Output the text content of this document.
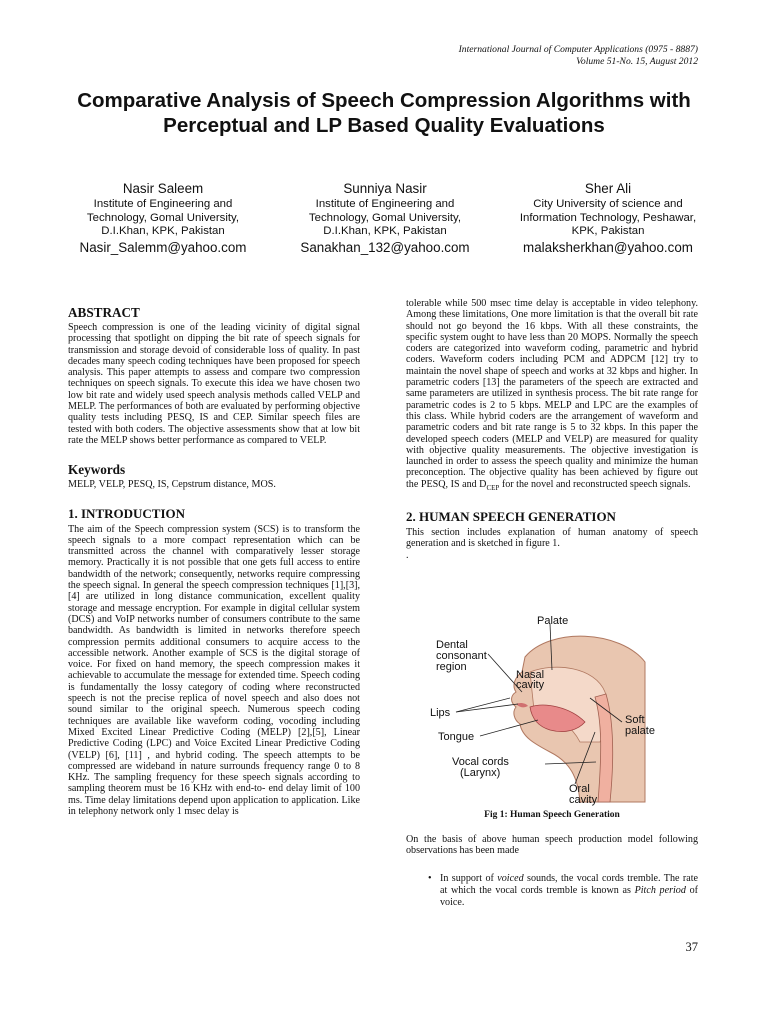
International Journal of Computer Applications (0975 - 8887)
Volume 51-No. 15, August 2012
Comparative Analysis of Speech Compression Algorithms with Perceptual and LP Based Quality Evaluations
Nasir Saleem
Institute of Engineering and Technology, Gomal University, D.I.Khan, KPK, Pakistan
Nasir_Salemm@yahoo.com
Sunniya Nasir
Institute of Engineering and Technology, Gomal University, D.I.Khan, KPK, Pakistan
Sanakhan_132@yahoo.com
Sher Ali
City University of science and Information Technology, Peshawar, KPK, Pakistan
malaksherkhan@yahoo.com
ABSTRACT

Speech compression is one of the leading vicinity of digital signal processing that spotlight on dipping the bit rate of speech signals for transmission and storage devoid of considerable loss of quality. In past decades many speech coding techniques have been proposed for speech analysis. This paper attempts to assess and compare two compression techniques on speech signals. To execute this idea we have chosen two low bit rate and widely used speech analysis methods called VELP and MELP. The performances of both are evaluated by performing objective quality tests including PESQ, IS and CEP. Similar speech files are tested with both coders. The objective assessments show that at low bit rate the MELP shows better performance as compared to VELP.

Keywords

MELP, VELP, PESQ, IS, Cepstrum distance, MOS.

1. INTRODUCTION

The aim of the Speech compression system (SCS) is to transform the speech signals to a more compact representation which can be transmitted across the channel with comparatively lesser storage memory. Practically it is not possible that one gets full access to entire bandwidth of the network; consequently, networks require compressing the speech signal. In general the speech compression techniques [1],[3],[4] are utilized in long distance communication, excellent quality storage and message encryption. For example in digital cellular system (DCS) and VoIP networks number of consumers contribute to the same bandwidth. As bandwidth is limited in networks therefore speech compression permits additional consumers to acquire access to the accessible network. Another example of SCS is the digital storage of voice. For fixed on hand memory, the speech compression makes it achievable to accumulate the message for extended time. Speech coding is fundamentally the lossy category of coding where reconstructed speech is not the precise replica of novel speech and also does not sound similar to the original speech. Numerous speech coding techniques are available like waveform coding, vocoding including Mixed Excited Linear Predictive Coding (MELP) [2],[5], Linear Predictive Coding (LPC) and Voice Excited Linear Predictive Coding (VELP) [6], [11] , and hybrid coding. The speech attempts to be compressed are wideband in nature surrounds frequency range 0 to 8 KHz. The sampling frequency for these speech signals according to sampling theorem must be 16 KHz with end-to- end delay limit of 100 ms. Time delay limitations depend upon application to application. Like in telephony network only 1 msec delay is

tolerable while 500 msec time delay is acceptable in video telephony. Among these limitations, One more limitation is that the overall bit rate should not go beyond the 16 kbps. With all these constraints, the specific system ought to have less than 20 MOPS. Normally the speech coders are categorized into waveform coding, parametric and hybrid coders. Waveform coders including PCM and ADPCM [12] try to maintain the novel shape of speech and works at 32 kbps and higher. In parametric coders [13] the parameters of the speech are extracted and same parameters are utilized in synthesis process. The bit rate range for parametric codes is 2 to 5 kbps. MELP and LPC are the examples of this class. While hybrid coders are the arrangement of waveform and parametric coders and bit rate range is 5 to 32 kbps. In this paper the developed speech coders (MELP and VELP) are measured for quality with objective quality measurements. The objective investigation is launched in order to assess the speech quality and minimize the human preconception. The objective quality has been achieved by figure out the PESQ, IS and $D_{CEP}$ for the novel and reconstructed speech signals.

2. HUMAN SPEECH GENERATION

This section includes explanation of human anatomy of speech generation and is sketched in figure 1.

.

Palate
Dental
consonant
region
Nasal
cavity
Lips
Soft
palate
Tongue
Vocal cords
(Larynx)
Oral
cavity
Fig 1: Human Speech Generation

On the basis of above human speech production model following observations has been made

• In support of voiced sounds, the vocal cords tremble. The rate at which the vocal cords tremble is known as Pitch period of voice.
37
